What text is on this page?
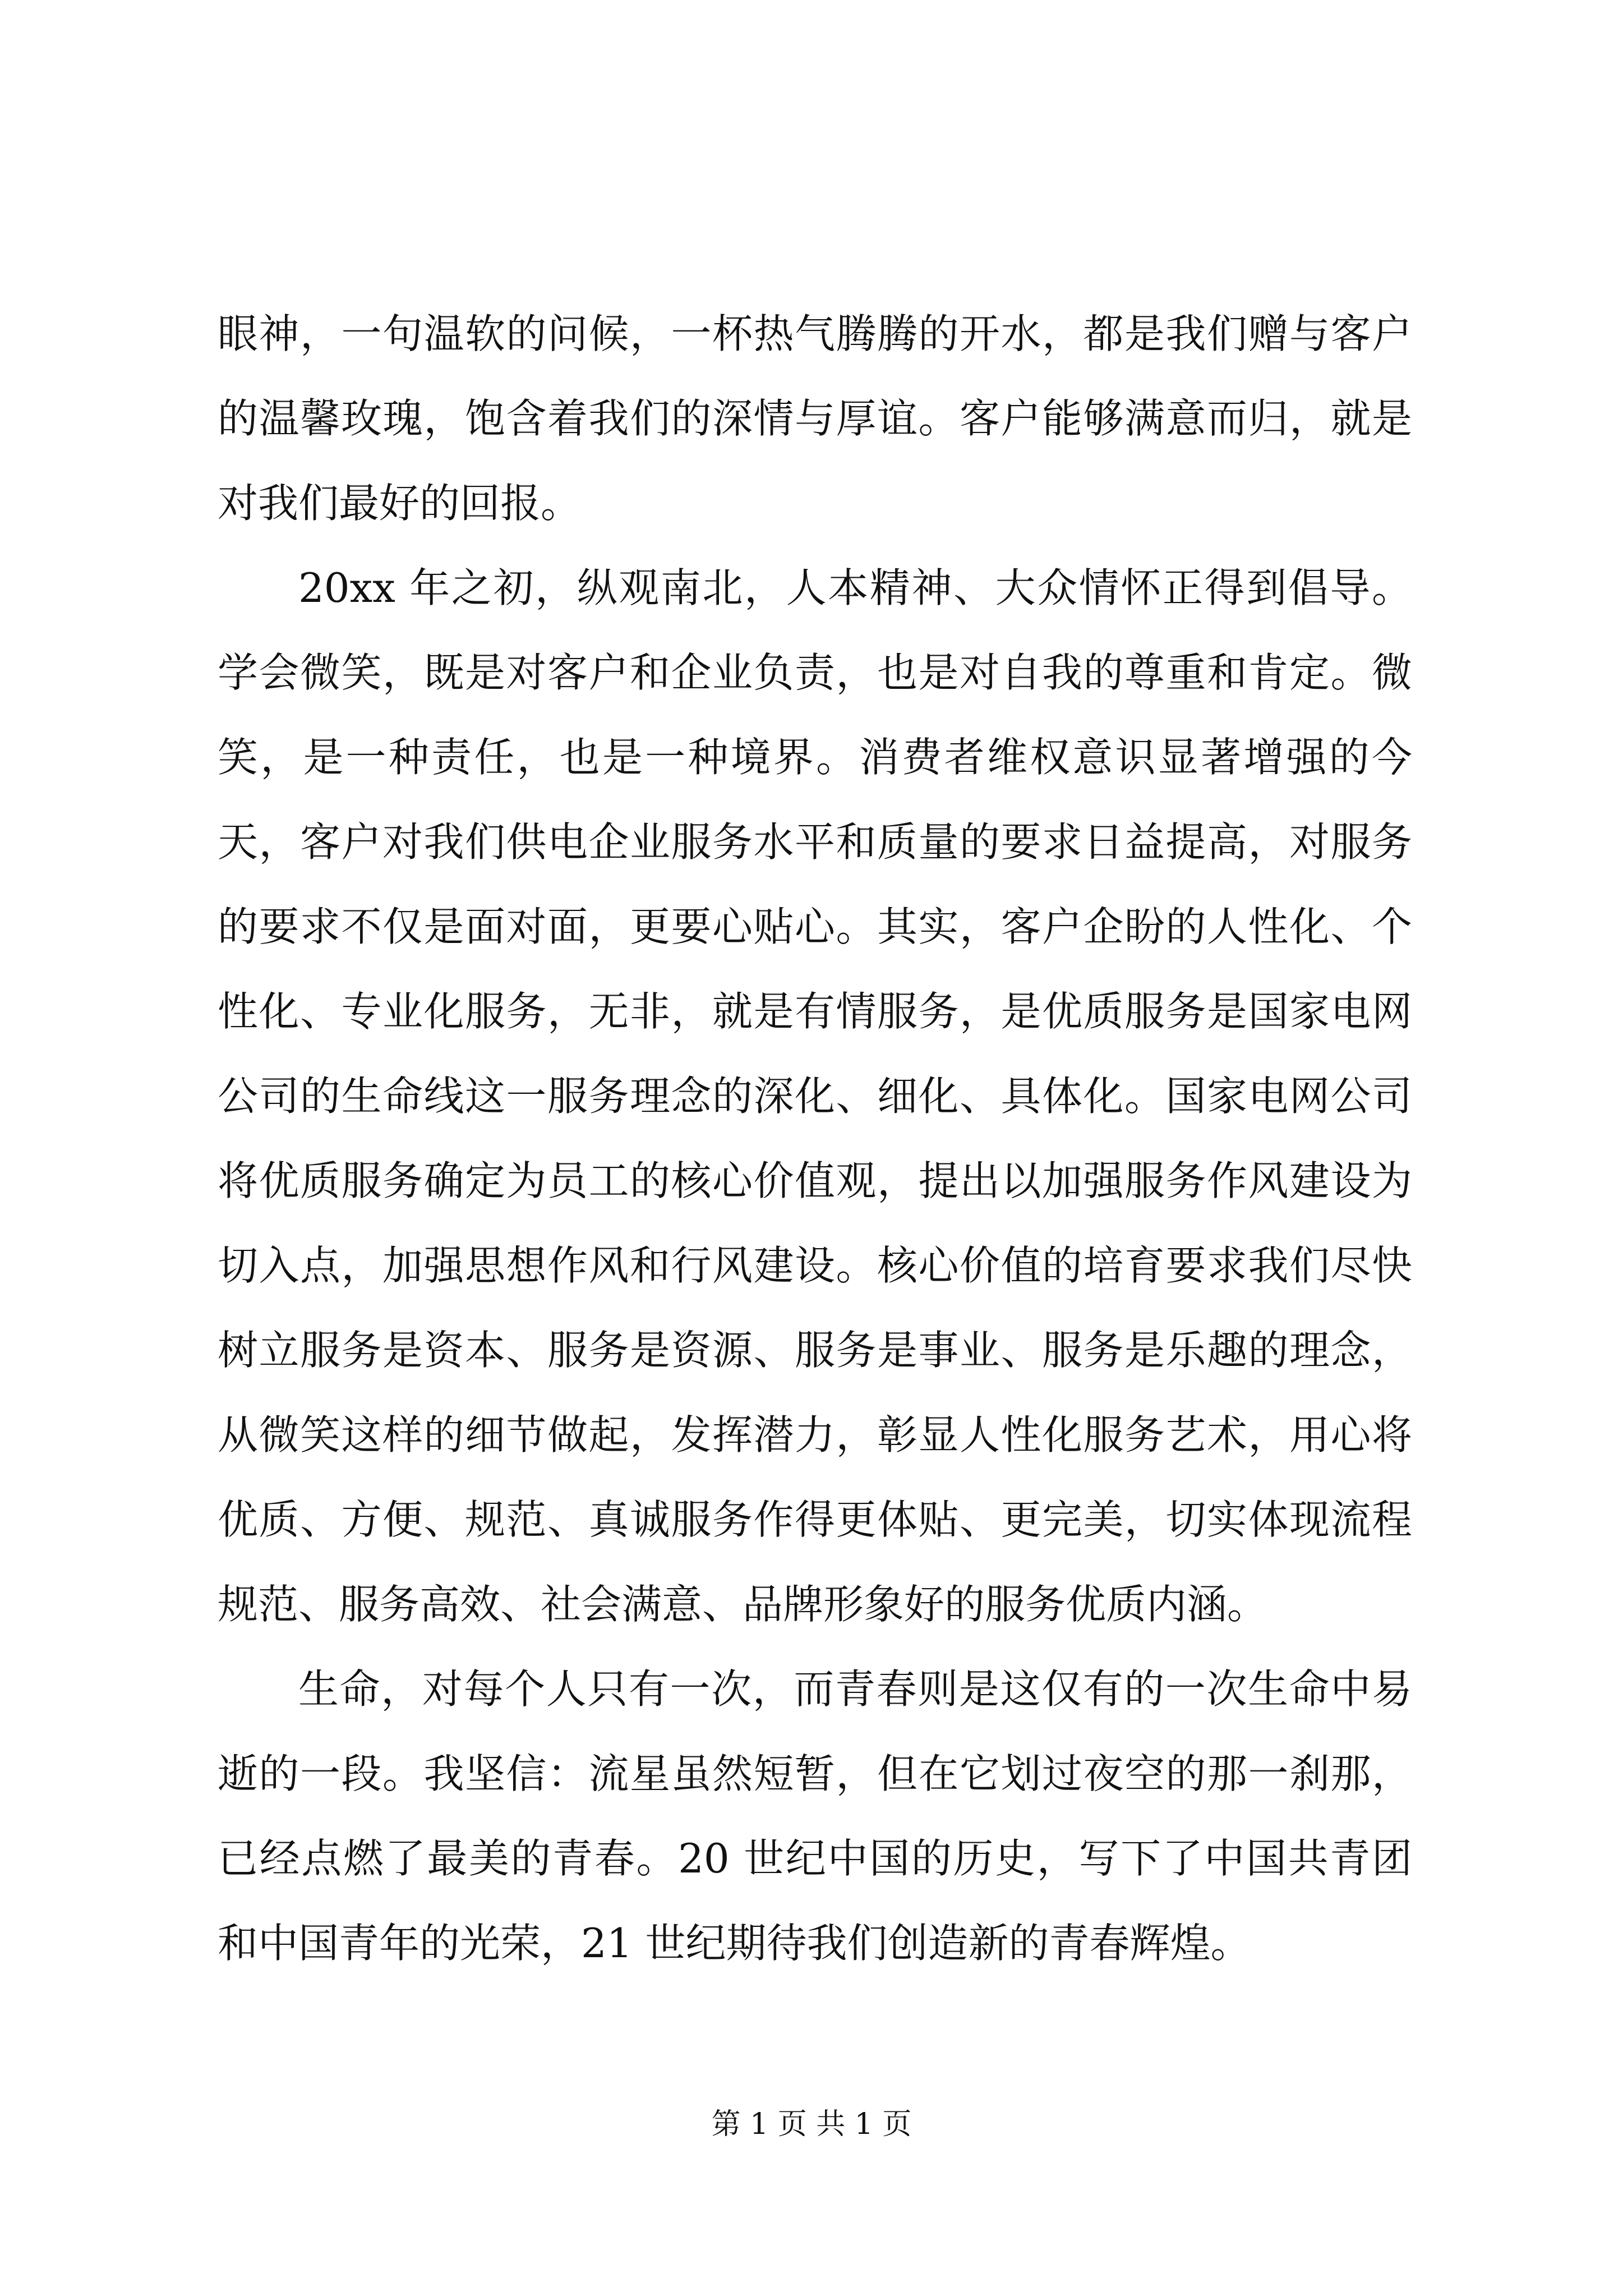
眼神，一句温软的问候，一杯热气腾腾的开水，都是我们赠与客户的温馨玫瑰，饱含着我们的深情与厚谊。客户能够满意而归，就是对我们最好的回报。

20xx 年之初，纵观南北，人本精神、大众情怀正得到倡导。学会微笑，既是对客户和企业负责，也是对自我的尊重和肯定。微笑，是一种责任，也是一种境界。消费者维权意识显著增强的今天，客户对我们供电企业服务水平和质量的要求日益提高，对服务的要求不仅是面对面，更要心贴心。其实，客户企盼的人性化、个性化、专业化服务，无非，就是有情服务，是优质服务是国家电网公司的生命线这一服务理念的深化、细化、具体化。国家电网公司将优质服务确定为员工的核心价值观，提出以加强服务作风建设为切入点，加强思想作风和行风建设。核心价值的培育要求我们尽快树立服务是资本、服务是资源、服务是事业、服务是乐趣的理念，从微笑这样的细节做起，发挥潜力，彰显人性化服务艺术，用心将优质、方便、规范、真诚服务作得更体贴、更完美，切实体现流程规范、服务高效、社会满意、品牌形象好的服务优质内涵。

生命，对每个人只有一次，而青春则是这仅有的一次生命中易逝的一段。我坚信：流星虽然短暂，但在它划过夜空的那一刹那，已经点燃了最美的青春。20 世纪中国的历史，写下了中国共青团和中国青年的光荣，21 世纪期待我们创造新的青春辉煌。

第 1 页 共 1 页
